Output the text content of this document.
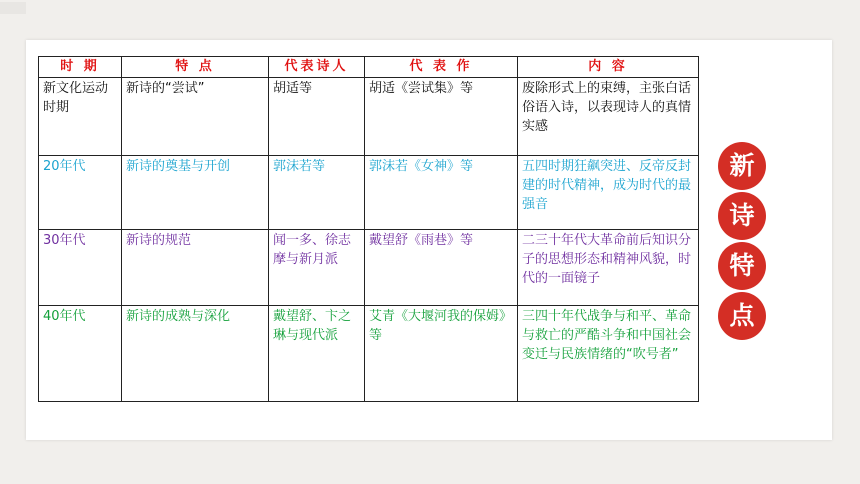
时 期	特 点	代表诗人	代 表 作	内 容
新文化运动时期	新诗的“尝试”	胡适等	胡适《尝试集》等	废除形式上的束缚，主张白话俗语入诗，以表现诗人的真情实感
20年代	新诗的奠基与开创	郭沫若等	郭沫若《女神》等	五四时期狂飙突进、反帝反封建的时代精神，成为时代的最强音
30年代	新诗的规范	闻一多、徐志摩与新月派	戴望舒《雨巷》等	二三十年代大革命前后知识分子的思想形态和精神风貌，时代的一面镜子
40年代	新诗的成熟与深化	戴望舒、卞之琳与现代派	艾青《大堰河我的保姆》等	三四十年代战争与和平、革命与救亡的严酷斗争和中国社会变迁与民族情绪的“吹号者”
新
诗
特
点
